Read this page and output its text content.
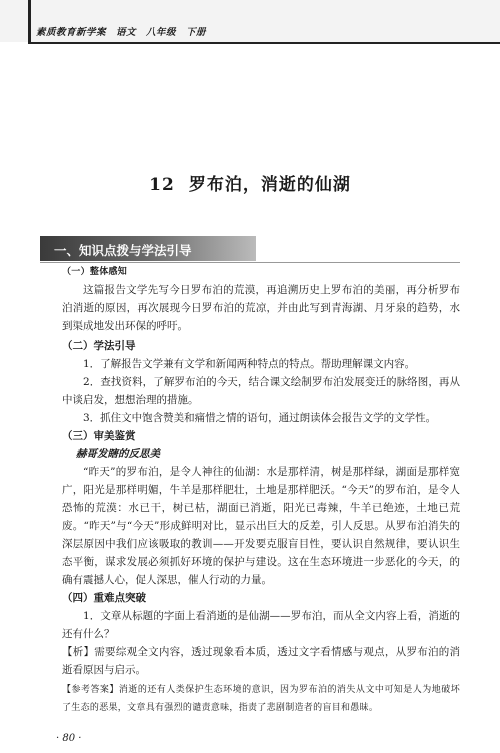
素质教育新学案　语文　八年级　下册
12 罗布泊，消逝的仙湖
一、知识点拨与学法引导
（一）整体感知
这篇报告文学先写今日罗布泊的荒漠，再追溯历史上罗布泊的美丽，再分析罗布泊消逝的原因，再次展现今日罗布泊的荒凉，并由此写到青海湖、月牙泉的趋势，水到渠成地发出环保的呼吁。
（二）学法引导
1．了解报告文学兼有文学和新闻两种特点的特点。帮助理解课文内容。
2．查找资料，了解罗布泊的今天，结合课文绘制罗布泊发展变迁的脉络图，再从中谈启发，想想治理的措施。
3．抓住文中饱含赞美和痛惜之情的语句，通过朗读体会报告文学的文学性。
（三）审美鉴赏
赫哥发瞎的反思美
“昨天”的罗布泊，是令人神往的仙湖：水是那样清，树是那样绿，湖面是那样宽广，阳光是那样明媚，牛羊是那样肥壮，土地是那样肥沃。“今天”的罗布泊，是令人恐怖的荒漠：水已干，树已枯，湖面已消逝，阳光已毒辣，牛羊已绝迹，土地已荒废。“昨天”与“今天”形成鲜明对比，显示出巨大的反差，引人反思。从罗布泊消失的深层原因中我们应该吸取的教训——开发要克服盲目性，要认识自然规律，要认识生态平衡，谋求发展必须抓好环境的保护与建设。这在生态环境进一步恶化的今天，的确有震撼人心，促人深思，催人行动的力量。
（四）重难点突破
1．文章从标题的字面上看消逝的是仙湖——罗布泊，而从全文内容上看，消逝的还有什么？
【析】需要综观全文内容，透过现象看本质，透过文字看情感与观点，从罗布泊的消逝看原因与启示。
【参考答案】消逝的还有人类保护生态环境的意识，因为罗布泊的消失从文中可知是人为地破坏了生态的恶果，文章具有强烈的谴责意味，指责了悲剧制造者的盲目和愚昧。
· 80 ·
